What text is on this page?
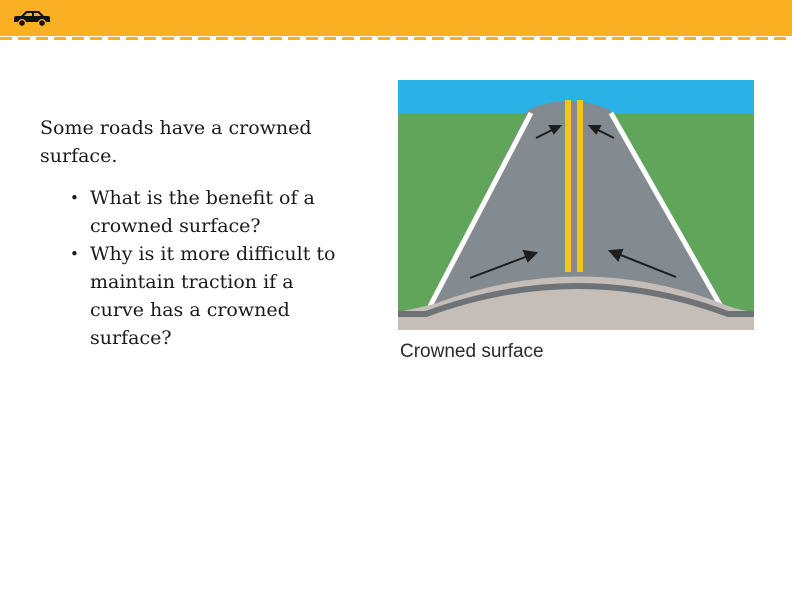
Some roads have a crowned surface.

• What is the benefit of a crowned surface?
• Why is it more difficult to maintain traction if a curve has a crowned surface?
Crowned surface
